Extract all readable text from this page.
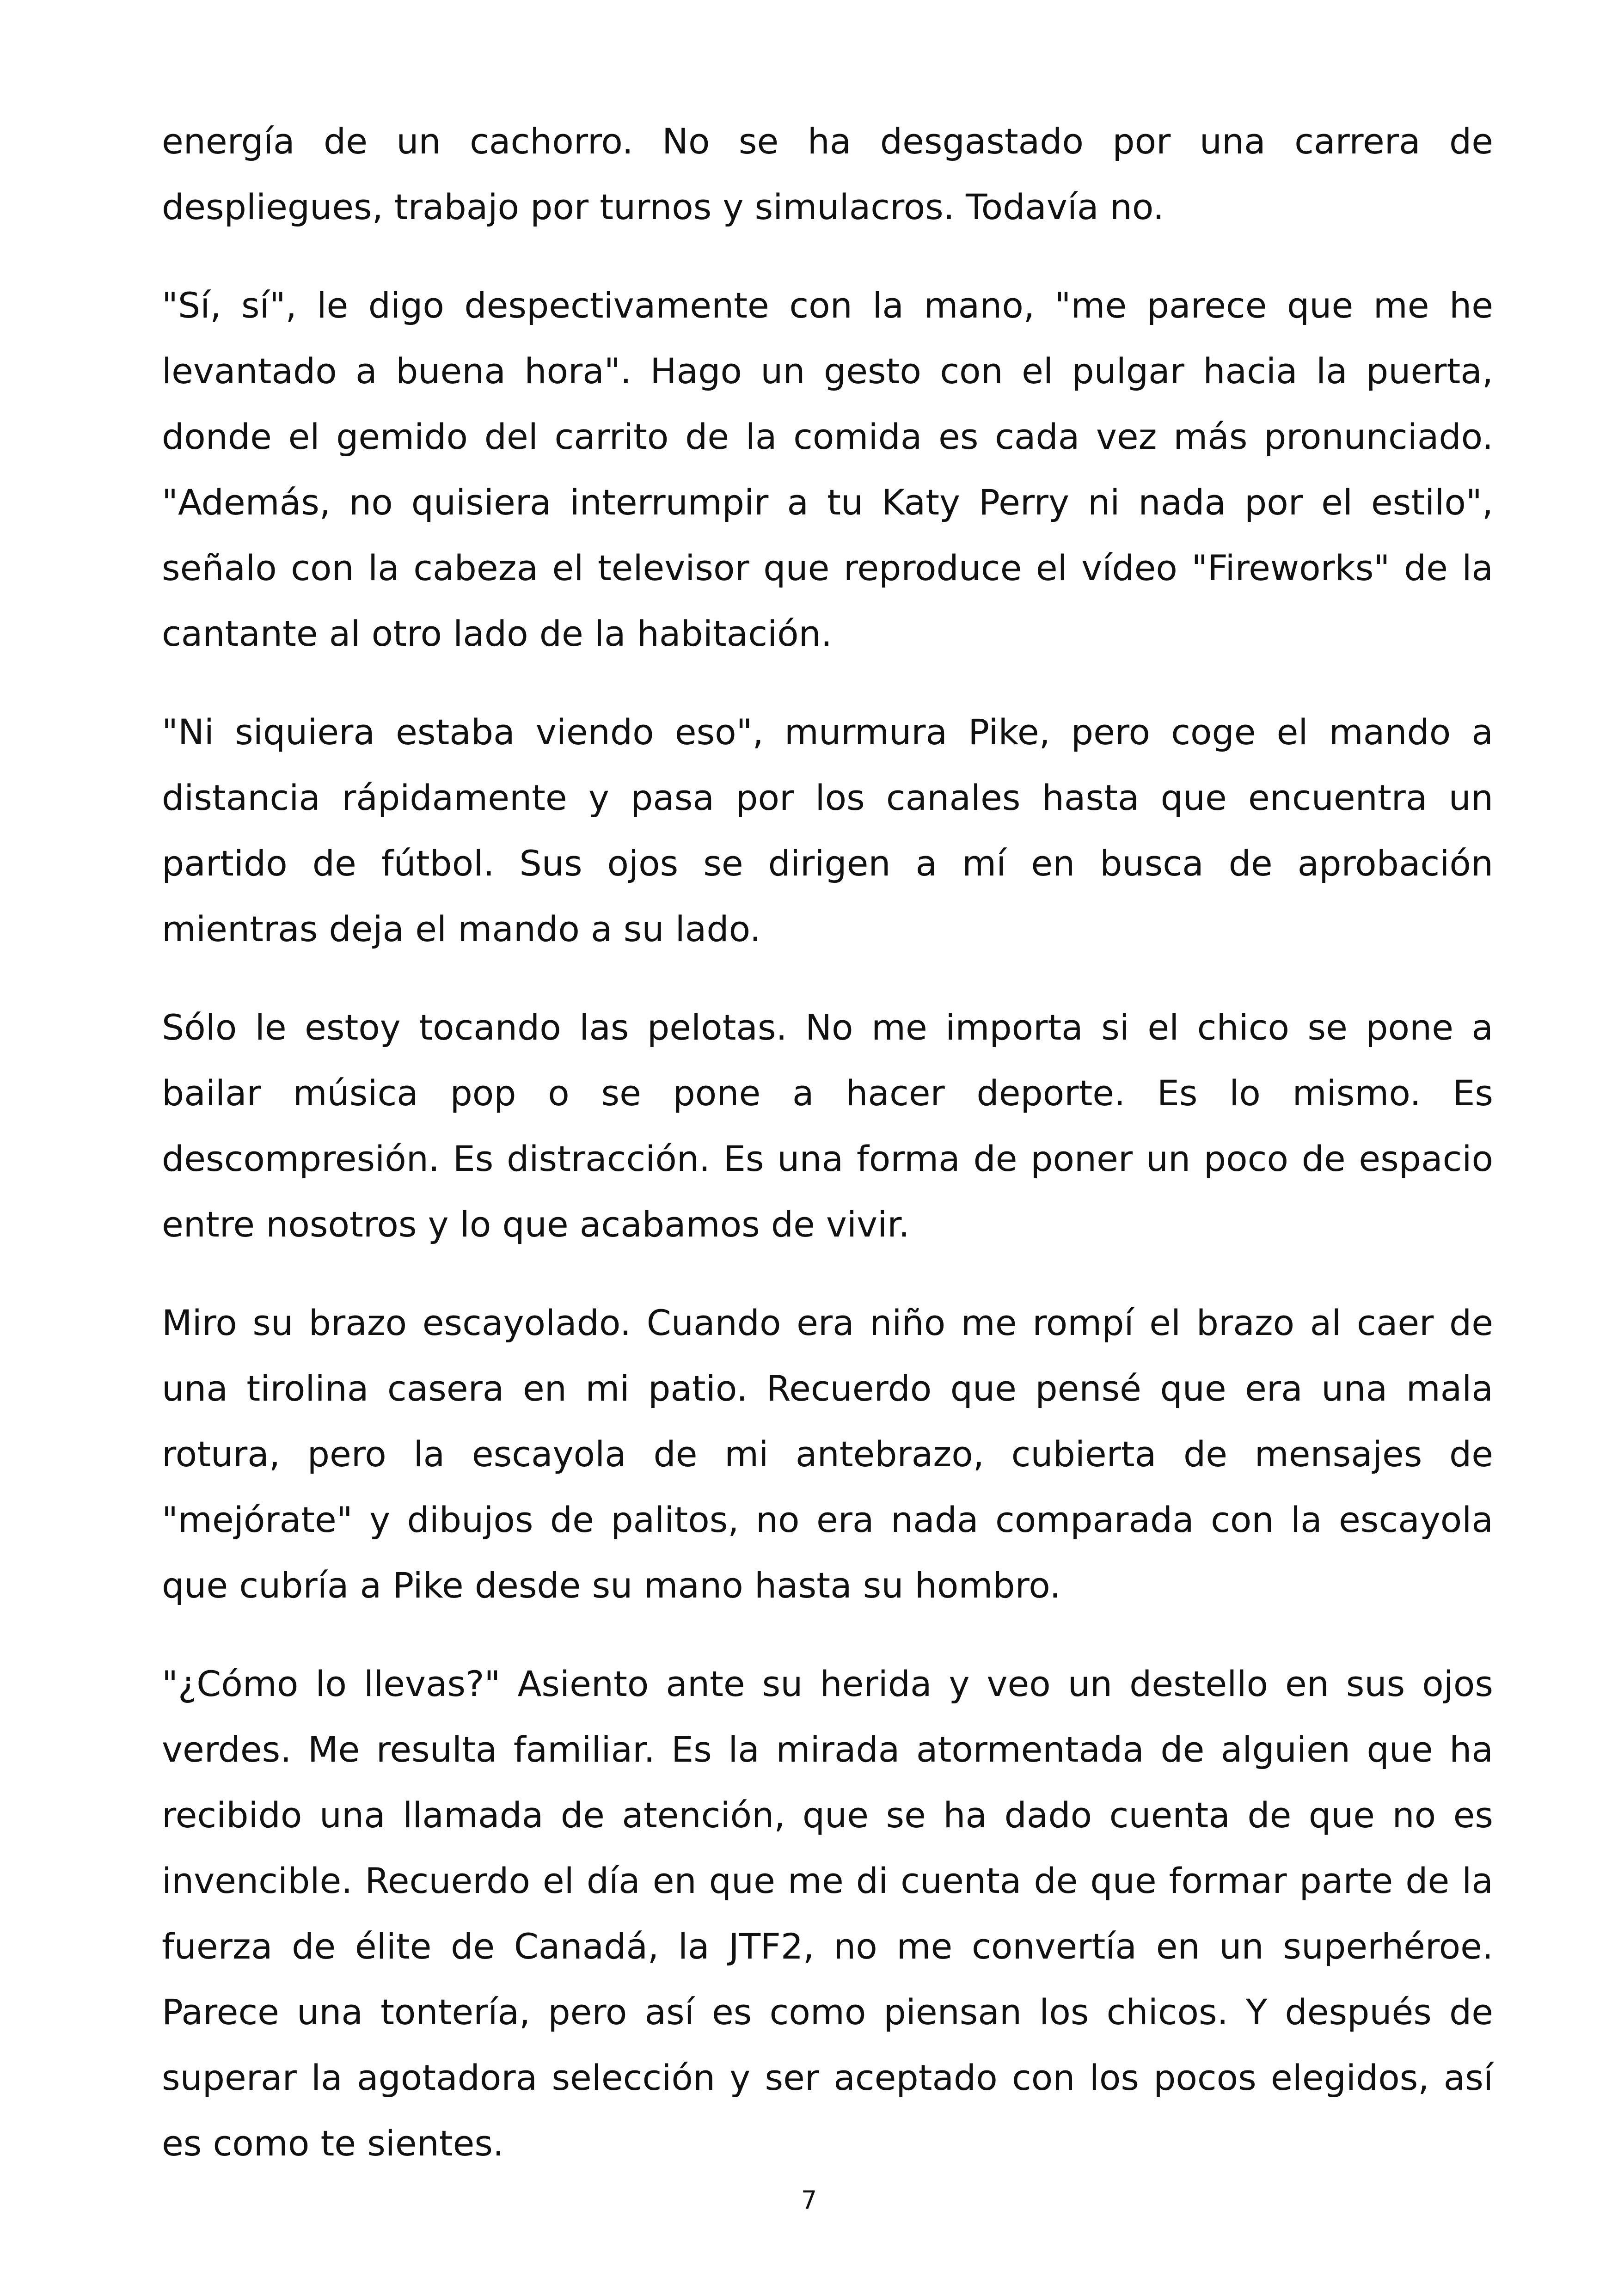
energía de un cachorro. No se ha desgastado por una carrera de despliegues, trabajo por turnos y simulacros. Todavía no.

"Sí, sí", le digo despectivamente con la mano, "me parece que me he levantado a buena hora". Hago un gesto con el pulgar hacia la puerta, donde el gemido del carrito de la comida es cada vez más pronunciado. "Además, no quisiera interrumpir a tu Katy Perry ni nada por el estilo", señalo con la cabeza el televisor que reproduce el vídeo "Fireworks" de la cantante al otro lado de la habitación.

"Ni siquiera estaba viendo eso", murmura Pike, pero coge el mando a distancia rápidamente y pasa por los canales hasta que encuentra un partido de fútbol. Sus ojos se dirigen a mí en busca de aprobación mientras deja el mando a su lado.

Sólo le estoy tocando las pelotas. No me importa si el chico se pone a bailar música pop o se pone a hacer deporte. Es lo mismo. Es descompresión. Es distracción. Es una forma de poner un poco de espacio entre nosotros y lo que acabamos de vivir.

Miro su brazo escayolado. Cuando era niño me rompí el brazo al caer de una tirolina casera en mi patio. Recuerdo que pensé que era una mala rotura, pero la escayola de mi antebrazo, cubierta de mensajes de "mejórate" y dibujos de palitos, no era nada comparada con la escayola que cubría a Pike desde su mano hasta su hombro.

"¿Cómo lo llevas?" Asiento ante su herida y veo un destello en sus ojos verdes. Me resulta familiar. Es la mirada atormentada de alguien que ha recibido una llamada de atención, que se ha dado cuenta de que no es invencible. Recuerdo el día en que me di cuenta de que formar parte de la fuerza de élite de Canadá, la JTF2, no me convertía en un superhéroe. Parece una tontería, pero así es como piensan los chicos. Y después de superar la agotadora selección y ser aceptado con los pocos elegidos, así es como te sientes.

7
